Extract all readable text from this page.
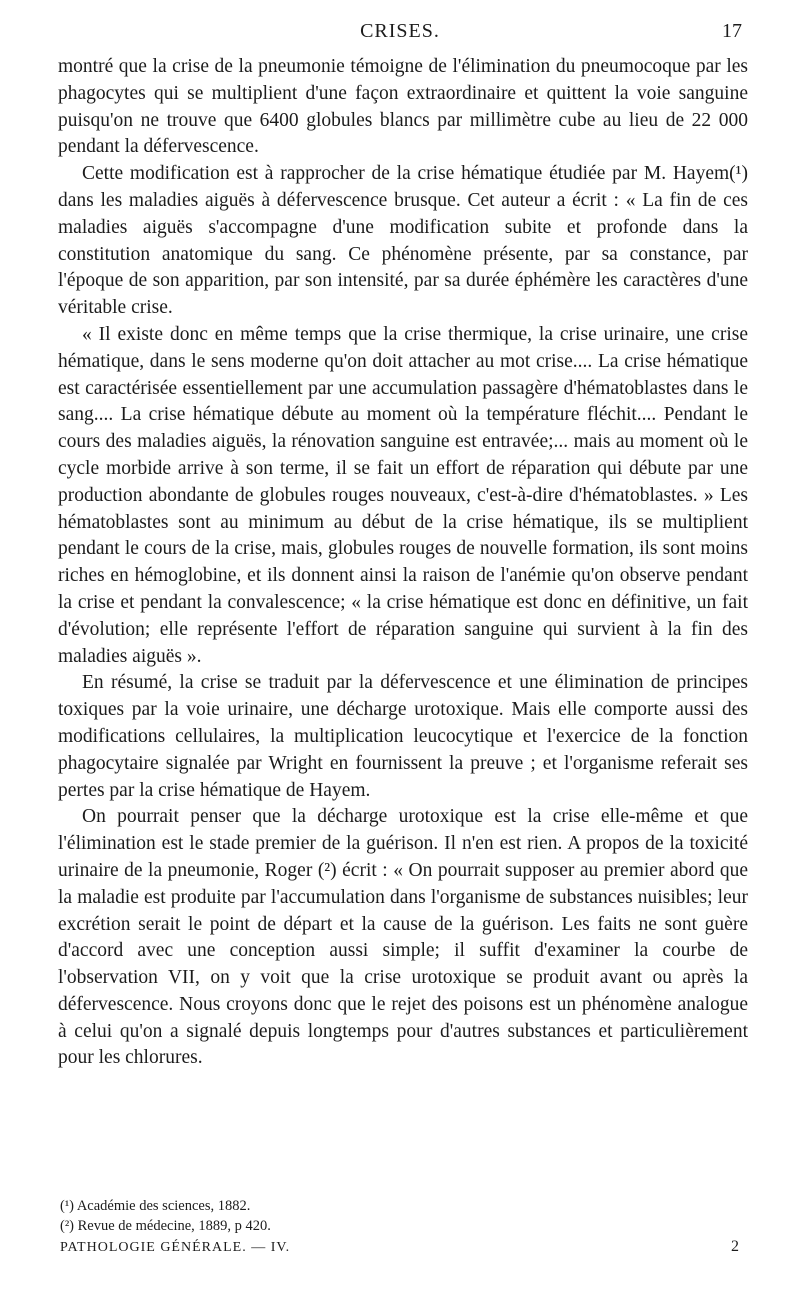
CRISES.	17

montré que la crise de la pneumonie témoigne de l'élimination du pneumocoque par les phagocytes qui se multiplient d'une façon extraordinaire et quittent la voie sanguine puisqu'on ne trouve que 6400 globules blancs par millimètre cube au lieu de 22 000 pendant la défervescence.

Cette modification est à rapprocher de la crise hématique étudiée par M. Hayem(¹) dans les maladies aiguës à défervescence brusque. Cet auteur a écrit : « La fin de ces maladies aiguës s'accompagne d'une modification subite et profonde dans la constitution anatomique du sang. Ce phénomène présente, par sa constance, par l'époque de son apparition, par son intensité, par sa durée éphémère les caractères d'une véritable crise.

« Il existe donc en même temps que la crise thermique, la crise urinaire, une crise hématique, dans le sens moderne qu'on doit attacher au mot crise.... La crise hématique est caractérisée essentiellement par une accumulation passagère d'hématoblastes dans le sang.... La crise hématique débute au moment où la température fléchit.... Pendant le cours des maladies aiguës, la rénovation sanguine est entravée;... mais au moment où le cycle morbide arrive à son terme, il se fait un effort de réparation qui débute par une production abondante de globules rouges nouveaux, c'est-à-dire d'hématoblastes. » Les hématoblastes sont au minimum au début de la crise hématique, ils se multiplient pendant le cours de la crise, mais, globules rouges de nouvelle formation, ils sont moins riches en hémoglobine, et ils donnent ainsi la raison de l'anémie qu'on observe pendant la crise et pendant la convalescence; « la crise hématique est donc en définitive, un fait d'évolution; elle représente l'effort de réparation sanguine qui survient à la fin des maladies aiguës ».

En résumé, la crise se traduit par la défervescence et une élimination de principes toxiques par la voie urinaire, une décharge urotoxique. Mais elle comporte aussi des modifications cellulaires, la multiplication leucocytique et l'exercice de la fonction phagocytaire signalée par Wright en fournissent la preuve ; et l'organisme referait ses pertes par la crise hématique de Hayem.

On pourrait penser que la décharge urotoxique est la crise elle-même et que l'élimination est le stade premier de la guérison. Il n'en est rien. A propos de la toxicité urinaire de la pneumonie, Roger (²) écrit : « On pourrait supposer au premier abord que la maladie est produite par l'accumulation dans l'organisme de substances nuisibles; leur excrétion serait le point de départ et la cause de la guérison. Les faits ne sont guère d'accord avec une conception aussi simple; il suffit d'examiner la courbe de l'observation VII, on y voit que la crise urotoxique se produit avant ou après la défervescence. Nous croyons donc que le rejet des poisons est un phénomène analogue à celui qu'on a signalé depuis longtemps pour d'autres substances et particulièrement pour les chlorures.

(¹) Académie des sciences, 1882.

(²) Revue de médecine, 1889, p 420.

PATHOLOGIE GÉNÉRALE. — IV.	2
